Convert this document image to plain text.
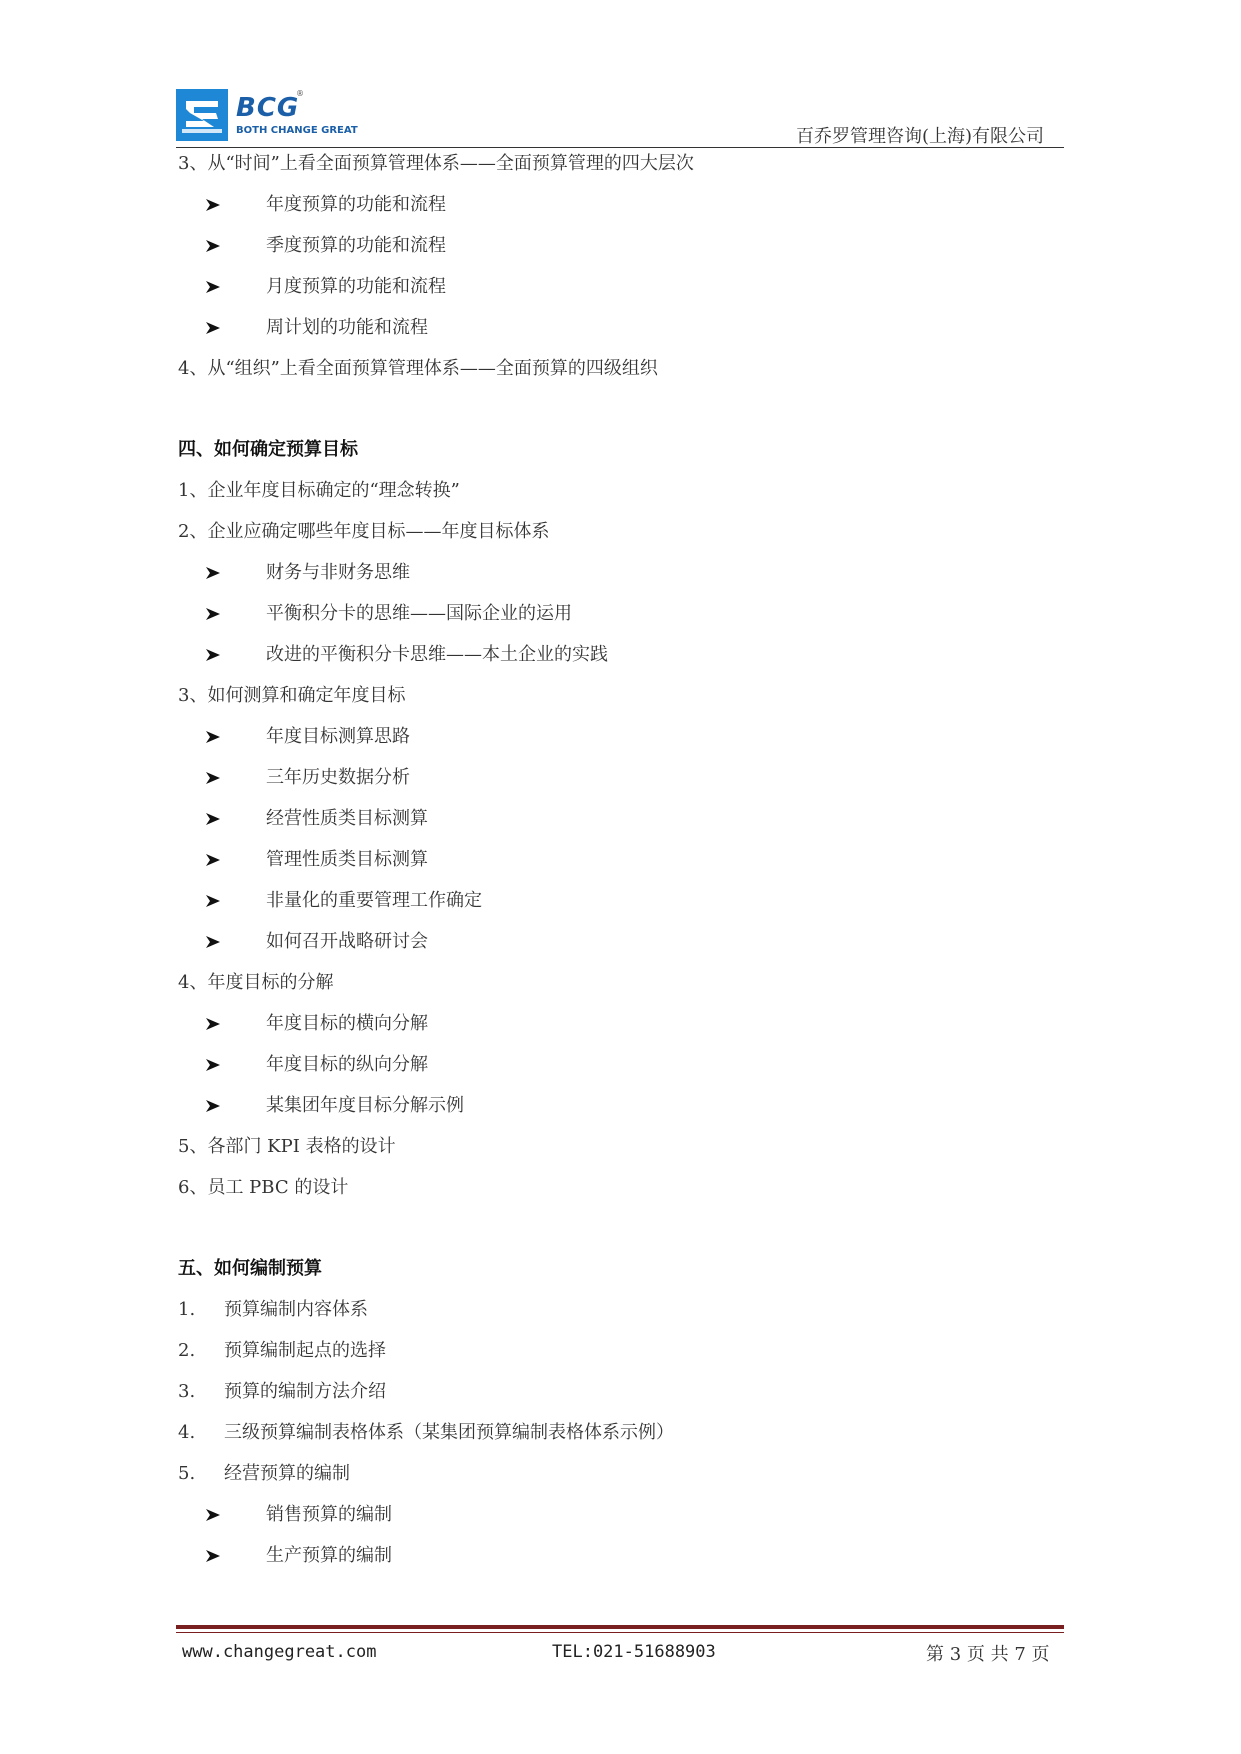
BCG
®
BOTH CHANGE GREAT	百乔罗管理咨询(上海)有限公司
3、从“时间”上看全面预算管理体系——全面预算管理的四大层次
年度预算的功能和流程
季度预算的功能和流程
月度预算的功能和流程
周计划的功能和流程
4、从“组织”上看全面预算管理体系——全面预算的四级组织
四、如何确定预算目标
1、企业年度目标确定的“理念转换”
2、企业应确定哪些年度目标——年度目标体系
财务与非财务思维
平衡积分卡的思维——国际企业的运用
改进的平衡积分卡思维——本土企业的实践
3、如何测算和确定年度目标
年度目标测算思路
三年历史数据分析
经营性质类目标测算
管理性质类目标测算
非量化的重要管理工作确定
如何召开战略研讨会
4、年度目标的分解
年度目标的横向分解
年度目标的纵向分解
某集团年度目标分解示例
5、各部门 KPI 表格的设计
6、员工 PBC 的设计
五、如何编制预算
1. 预算编制内容体系
2. 预算编制起点的选择
3. 预算的编制方法介绍
4. 三级预算编制表格体系（某集团预算编制表格体系示例）
5. 经营预算的编制
销售预算的编制
生产预算的编制
www.changegreat.com	TEL:021-51688903	第 3 页 共 7 页
